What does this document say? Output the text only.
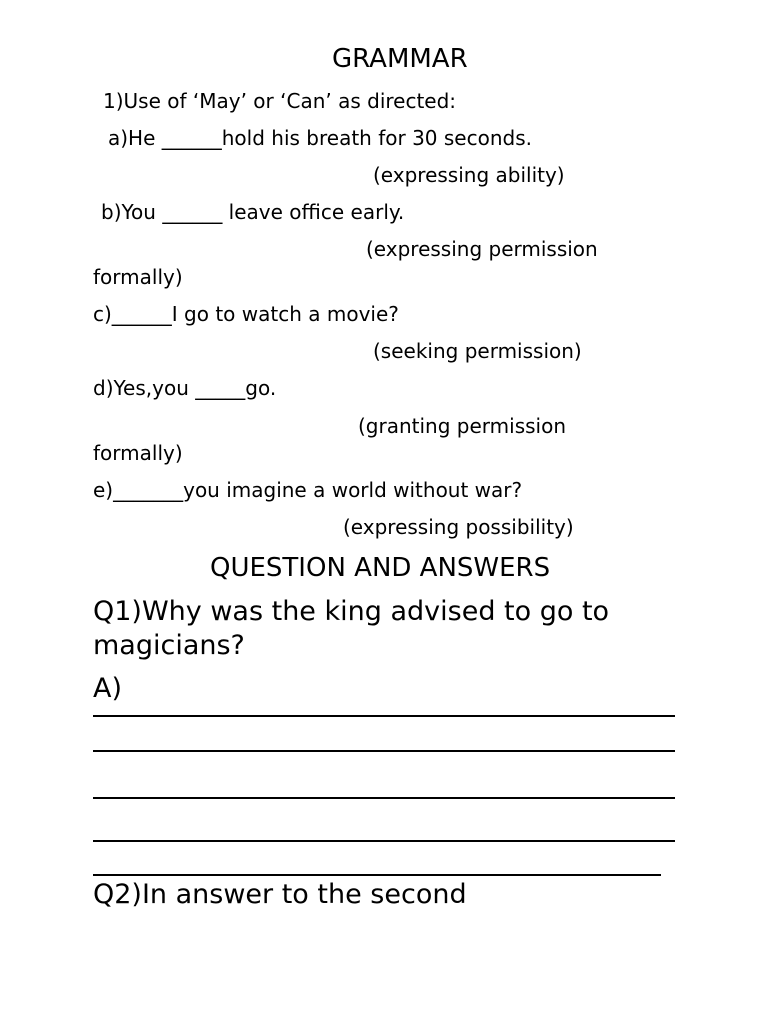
GRAMMAR
1)Use of ‘May’ or ‘Can’ as directed:
a)He ______hold his breath for 30 seconds.
(expressing ability)
b)You ______ leave office early.
(expressing permission
formally)
c)______I go to watch a movie?
(seeking permission)
d)Yes,you _____go.
(granting permission
formally)
e)_______you imagine a world without war?
(expressing possibility)
QUESTION AND ANSWERS
Q1)Why was the king advised to go to
magicians?
A)
Q2)In answer to the second
